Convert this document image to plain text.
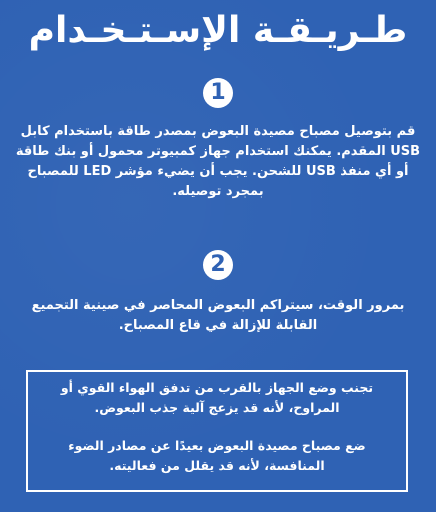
طـريـقـة الإسـتـخـدام
1
قم بتوصيل مصباح مصيدة البعوض بمصدر طاقة باستخدام كابل USB المقدم. يمكنك استخدام جهاز كمبيوتر محمول أو بنك طاقة أو أي منفذ USB للشحن. يجب أن يضيء مؤشر LED للمصباح بمجرد توصيله.
2
بمرور الوقت، سيتراكم البعوض المحاصر في صينية التجميع القابلة للإزالة في قاع المصباح.
تجنب وضع الجهاز بالقرب من تدفق الهواء القوي أو المراوح، لأنه قد يزعج آلية جذب البعوض.
ضع مصباح مصيدة البعوض بعيدًا عن مصادر الضوء المنافسة، لأنه قد يقلل من فعاليته.
